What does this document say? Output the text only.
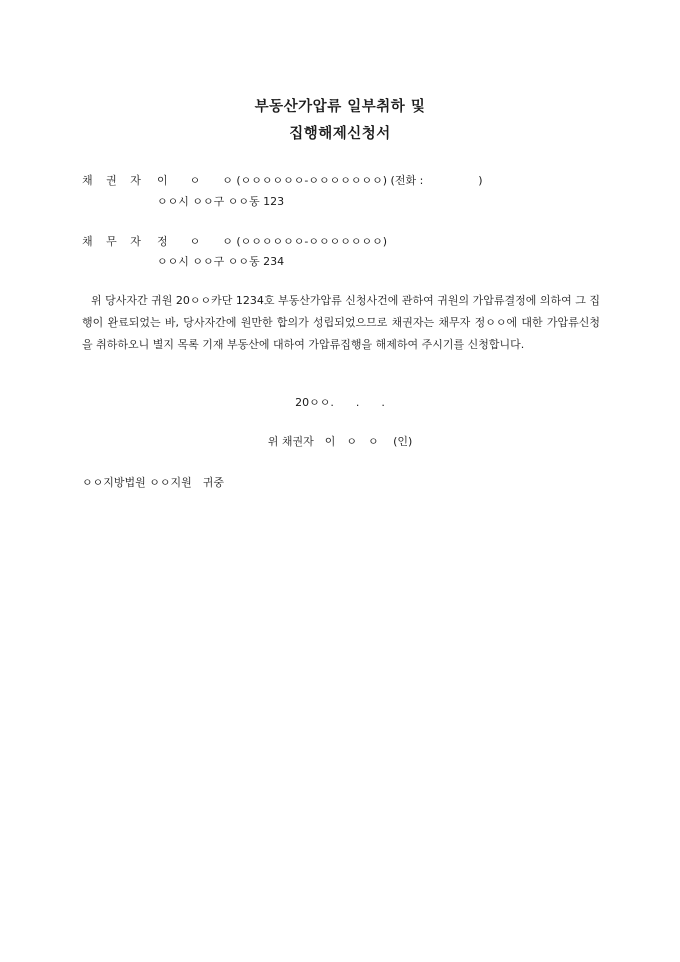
부동산가압류 일부취하 및
집행해제신청서
채 권 자 이　　ㅇ　　ㅇ (ㅇㅇㅇㅇㅇㅇ-ㅇㅇㅇㅇㅇㅇㅇ) (전화 :　　　　　)
ㅇㅇ시 ㅇㅇ구 ㅇㅇ동 123
채 무 자 정　　ㅇ　　ㅇ (ㅇㅇㅇㅇㅇㅇ-ㅇㅇㅇㅇㅇㅇㅇ)
ㅇㅇ시 ㅇㅇ구 ㅇㅇ동 234

위 당사자간 귀원 20ㅇㅇ카단 1234호 부동산가압류 신청사건에 관하여 귀원의 가압류결정에 의하여 그 집행이 완료되었는 바, 당사자간에 원만한 합의가 성립되었으므로 채권자는 채무자 정ㅇㅇ에 대한 가압류신청을 취하하오니 별지 목록 기재 부동산에 대하여 가압류집행을 해제하여 주시기를 신청합니다.

20ㅇㅇ.　　.　　.
위 채권자　이　ㅇ　ㅇ　 (인)
ㅇㅇ지방법원 ㅇㅇ지원　귀중
